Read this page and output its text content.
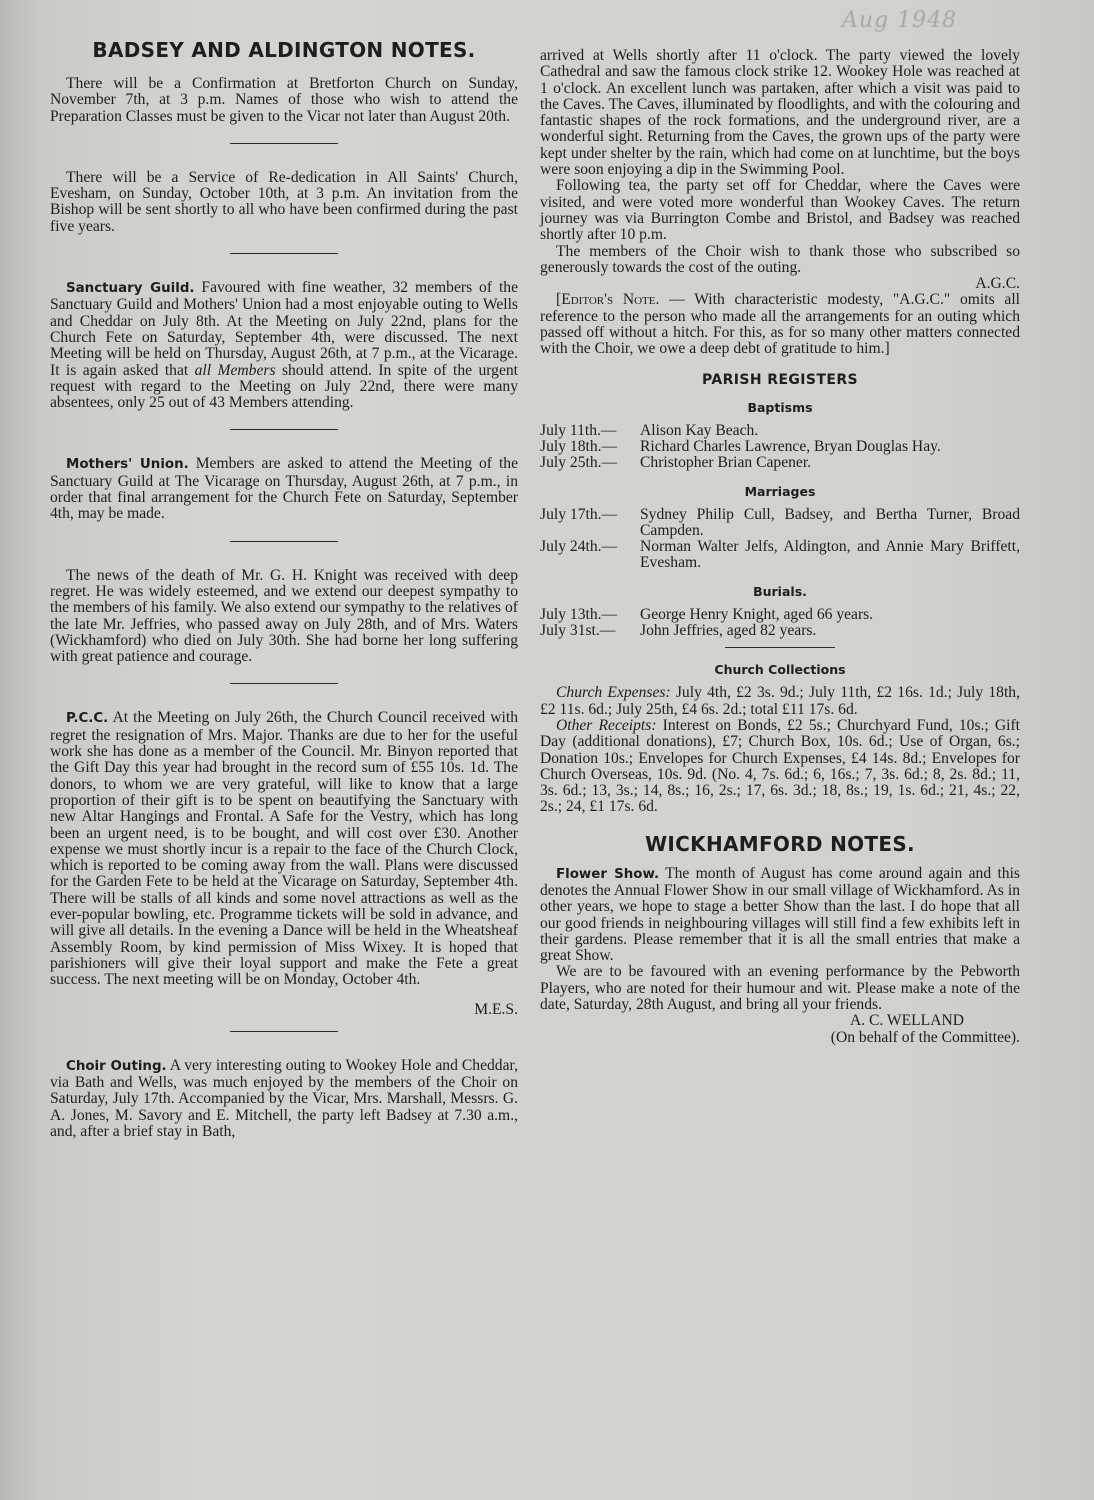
Aug 1948
BADSEY AND ALDINGTON NOTES.

There will be a Confirmation at Bretforton Church on Sunday, November 7th, at 3 p.m. Names of those who wish to attend the Preparation Classes must be given to the Vicar not later than August 20th.

There will be a Service of Re-dedication in All Saints' Church, Evesham, on Sunday, October 10th, at 3 p.m. An invitation from the Bishop will be sent shortly to all who have been confirmed during the past five years.

Sanctuary Guild. Favoured with fine weather, 32 members of the Sanctuary Guild and Mothers' Union had a most enjoyable outing to Wells and Cheddar on July 8th. At the Meeting on July 22nd, plans for the Church Fete on Saturday, September 4th, were discussed. The next Meeting will be held on Thursday, August 26th, at 7 p.m., at the Vicarage. It is again asked that all Members should attend. In spite of the urgent request with regard to the Meeting on July 22nd, there were many absentees, only 25 out of 43 Members attending.

Mothers' Union. Members are asked to attend the Meeting of the Sanctuary Guild at The Vicarage on Thursday, August 26th, at 7 p.m., in order that final arrangement for the Church Fete on Saturday, September 4th, may be made.

The news of the death of Mr. G. H. Knight was received with deep regret. He was widely esteemed, and we extend our deepest sympathy to the members of his family. We also extend our sympathy to the relatives of the late Mr. Jeffries, who passed away on July 28th, and of Mrs. Waters (Wickhamford) who died on July 30th. She had borne her long suffering with great patience and courage.

P.C.C. At the Meeting on July 26th, the Church Council received with regret the resignation of Mrs. Major. Thanks are due to her for the useful work she has done as a member of the Council. Mr. Binyon reported that the Gift Day this year had brought in the record sum of £55 10s. 1d. The donors, to whom we are very grateful, will like to know that a large proportion of their gift is to be spent on beautifying the Sanctuary with new Altar Hangings and Frontal. A Safe for the Vestry, which has long been an urgent need, is to be bought, and will cost over £30. Another expense we must shortly incur is a repair to the face of the Church Clock, which is reported to be coming away from the wall. Plans were discussed for the Garden Fete to be held at the Vicarage on Saturday, September 4th. There will be stalls of all kinds and some novel attractions as well as the ever-popular bowling, etc. Programme tickets will be sold in advance, and will give all details. In the evening a Dance will be held in the Wheatsheaf Assembly Room, by kind permission of Miss Wixey. It is hoped that parishioners will give their loyal support and make the Fete a great success. The next meeting will be on Monday, October 4th.

M.E.S.

Choir Outing. A very interesting outing to Wookey Hole and Cheddar, via Bath and Wells, was much enjoyed by the members of the Choir on Saturday, July 17th. Accompanied by the Vicar, Mrs. Marshall, Messrs. G. A. Jones, M. Savory and E. Mitchell, the party left Badsey at 7.30 a.m., and, after a brief stay in Bath,

arrived at Wells shortly after 11 o'clock. The party viewed the lovely Cathedral and saw the famous clock strike 12. Wookey Hole was reached at 1 o'clock. An excellent lunch was partaken, after which a visit was paid to the Caves. The Caves, illuminated by floodlights, and with the colouring and fantastic shapes of the rock formations, and the underground river, are a wonderful sight. Returning from the Caves, the grown ups of the party were kept under shelter by the rain, which had come on at lunchtime, but the boys were soon enjoying a dip in the Swimming Pool.

Following tea, the party set off for Cheddar, where the Caves were visited, and were voted more wonderful than Wookey Caves. The return journey was via Burrington Combe and Bristol, and Badsey was reached shortly after 10 p.m.

The members of the Choir wish to thank those who subscribed so generously towards the cost of the outing.

A.G.C.

[Editor's Note. — With characteristic modesty, "A.G.C." omits all reference to the person who made all the arrangements for an outing which passed off without a hitch. For this, as for so many other matters connected with the Choir, we owe a deep debt of gratitude to him.]

PARISH REGISTERS
Baptisms

July 11th.— Alison Kay Beach.

July 18th.— Richard Charles Lawrence, Bryan Douglas Hay.

July 25th.— Christopher Brian Capener.

Marriages

July 17th.— Sydney Philip Cull, Badsey, and Bertha Turner, Broad Campden.

July 24th.— Norman Walter Jelfs, Aldington, and Annie Mary Briffett, Evesham.

Burials.

July 13th.— George Henry Knight, aged 66 years.

July 31st.— John Jeffries, aged 82 years.

Church Collections

Church Expenses: July 4th, £2 3s. 9d.; July 11th, £2 16s. 1d.; July 18th, £2 11s. 6d.; July 25th, £4 6s. 2d.; total £11 17s. 6d.

Other Receipts: Interest on Bonds, £2 5s.; Churchyard Fund, 10s.; Gift Day (additional donations), £7; Church Box, 10s. 6d.; Use of Organ, 6s.; Donation 10s.; Envelopes for Church Expenses, £4 14s. 8d.; Envelopes for Church Overseas, 10s. 9d. (No. 4, 7s. 6d.; 6, 16s.; 7, 3s. 6d.; 8, 2s. 8d.; 11, 3s. 6d.; 13, 3s.; 14, 8s.; 16, 2s.; 17, 6s. 3d.; 18, 8s.; 19, 1s. 6d.; 21, 4s.; 22, 2s.; 24, £1 17s. 6d.

WICKHAMFORD NOTES.

Flower Show. The month of August has come around again and this denotes the Annual Flower Show in our small village of Wickhamford. As in other years, we hope to stage a better Show than the last. I do hope that all our good friends in neighbouring villages will still find a few exhibits left in their gardens. Please remember that it is all the small entries that make a great Show.

We are to be favoured with an evening performance by the Pebworth Players, who are noted for their humour and wit. Please make a note of the date, Saturday, 28th August, and bring all your friends.

A. C. WELLAND

(On behalf of the Committee).
